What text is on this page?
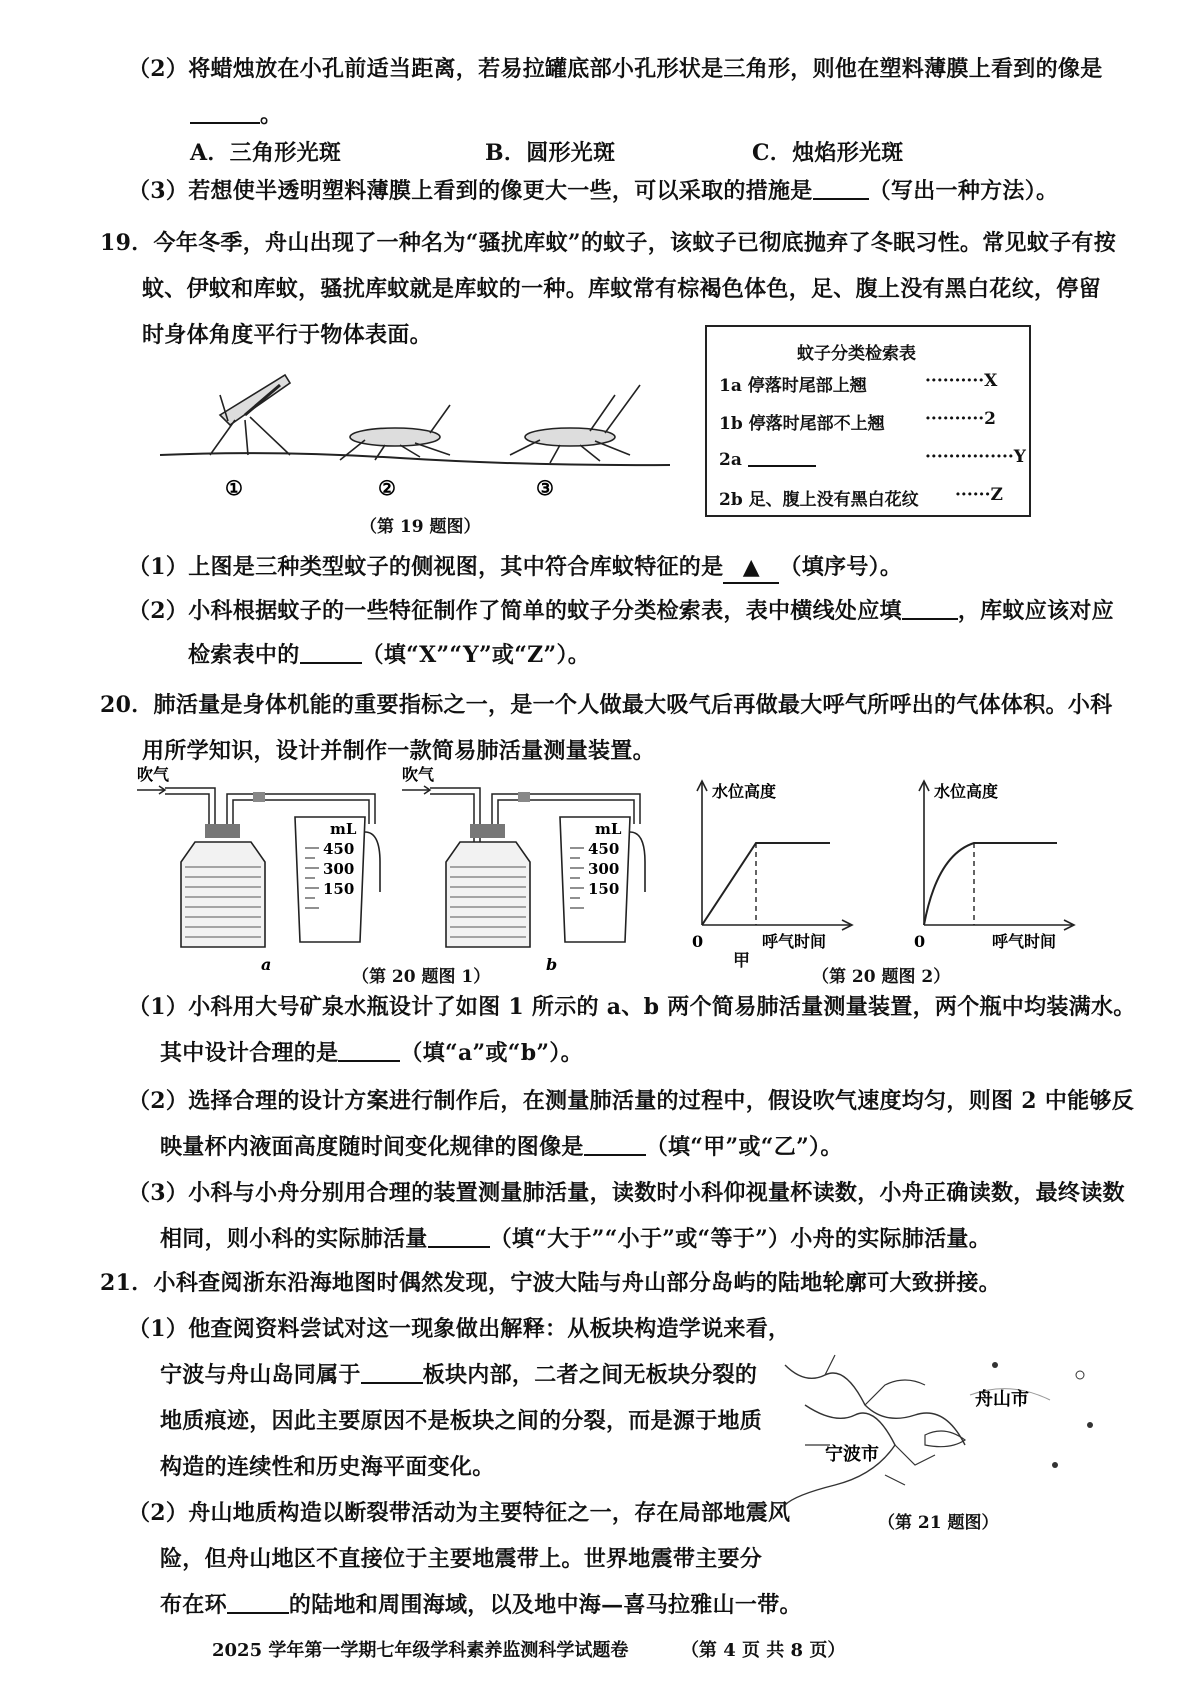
（2）将蜡烛放在小孔前适当距离，若易拉罐底部小孔形状是三角形，则他在塑料薄膜上看到的像是
。
A．三角形光斑	B．圆形光斑	C．烛焰形光斑
（3）若想使半透明塑料薄膜上看到的像更大一些，可以采取的措施是	（写出一种方法）。
19．今年冬季，舟山出现了一种名为“骚扰库蚊”的蚊子，该蚊子已彻底抛弃了冬眠习性。常见蚊子有按
蚊、伊蚊和库蚊，骚扰库蚊就是库蚊的一种。库蚊常有棕褐色体色，足、腹上没有黑白花纹，停留
时身体角度平行于物体表面。
①	②	③
（第 19 题图）
蚊子分类检索表
1a 停落时尾部上翘	··········X
1b 停落时尾部不上翘 ··········2
2a	···············Y
2b 足、腹上没有黑白花纹 ······Z
（1）上图是三种类型蚊子的侧视图，其中符合库蚊特征的是 ▲ （填序号）。
（2）小科根据蚊子的一些特征制作了简单的蚊子分类检索表，表中横线处应填	，库蚊应该对应
检索表中的	（填“X”“Y”或“Z”）。
20．肺活量是身体机能的重要指标之一，是一个人做最大吸气后再做最大呼气所呼出的气体体积。小科
用所学知识，设计并制作一款简易肺活量测量装置。
吹气
mL
450
300
150
a
吹气
mL
450
300
150
b
（第 20 题图 1）
水位高度
0	呼气时间
甲
水位高度
0	呼气时间
（第 20 题图 2）
（1）小科用大号矿泉水瓶设计了如图 1 所示的 a、b 两个简易肺活量测量装置，两个瓶中均装满水。
其中设计合理的是	（填“a”或“b”）。
（2）选择合理的设计方案进行制作后，在测量肺活量的过程中，假设吹气速度均匀，则图 2 中能够反
映量杯内液面高度随时间变化规律的图像是	（填“甲”或“乙”）。
（3）小科与小舟分别用合理的装置测量肺活量，读数时小科仰视量杯读数，小舟正确读数，最终读数
相同，则小科的实际肺活量	（填“大于”“小于”或“等于”）小舟的实际肺活量。
21．小科查阅浙东沿海地图时偶然发现，宁波大陆与舟山部分岛屿的陆地轮廓可大致拼接。
（1）他查阅资料尝试对这一现象做出解释：从板块构造学说来看，
宁波与舟山岛同属于	板块内部，二者之间无板块分裂的
地质痕迹，因此主要原因不是板块之间的分裂，而是源于地质
构造的连续性和历史海平面变化。
（2）舟山地质构造以断裂带活动为主要特征之一，存在局部地震风
险，但舟山地区不直接位于主要地震带上。世界地震带主要分
布在环	的陆地和周围海域，以及地中海—喜马拉雅山一带。
舟山市
宁波市
（第 21 题图）
2025 学年第一学期七年级学科素养监测科学试题卷	（第 4 页 共 8 页）
